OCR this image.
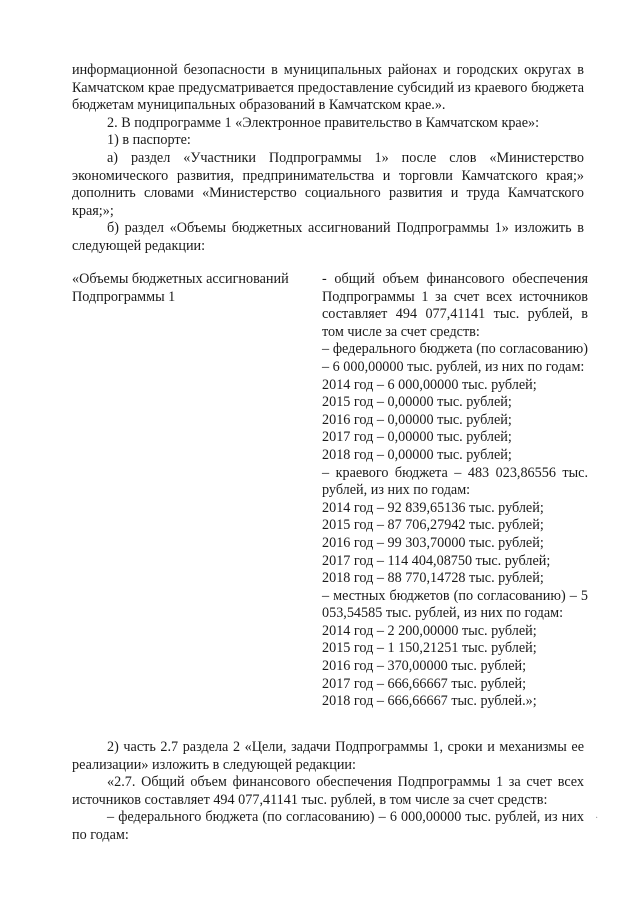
информационной безопасности в муниципальных районах и городских округах в Камчатском крае предусматривается предоставление субсидий из краевого бюджета бюджетам муниципальных образований в Камчатском крае.».

2. В подпрограмме 1 «Электронное правительство в Камчатском крае»:

1) в паспорте:

а) раздел «Участники Подпрограммы 1» после слов «Министерство экономического развития, предпринимательства и торговли Камчатского края;» дополнить словами «Министерство социального развития и труда Камчатского края;»;

б) раздел «Объемы бюджетных ассигнований Подпрограммы 1» изложить в следующей редакции:

«Объемы бюджетных ассигнований Подпрограммы 1

- общий объем финансового обеспечения Подпрограммы 1 за счет всех источников составляет 494 077,41141 тыс. рублей, в том числе за счет средств:

– федерального бюджета (по согласованию) – 6 000,00000 тыс. рублей, из них по годам:

2014 год – 6 000,00000 тыс. рублей;
2015 год – 0,00000 тыс. рублей;
2016 год – 0,00000 тыс. рублей;
2017 год – 0,00000 тыс. рублей;
2018 год – 0,00000 тыс. рублей;

– краевого бюджета – 483 023,86556 тыс. рублей, из них по годам:

2014 год – 92 839,65136 тыс. рублей;
2015 год – 87 706,27942 тыс. рублей;
2016 год – 99 303,70000 тыс. рублей;
2017 год – 114 404,08750 тыс. рублей;
2018 год – 88 770,14728 тыс. рублей;

– местных бюджетов (по согласованию) – 5 053,54585 тыс. рублей, из них по годам:

2014 год – 2 200,00000 тыс. рублей;
2015 год – 1 150,21251 тыс. рублей;
2016 год – 370,00000 тыс. рублей;
2017 год – 666,66667 тыс. рублей;
2018 год – 666,66667 тыс. рублей.»;

2) часть 2.7 раздела 2 «Цели, задачи Подпрограммы 1, сроки и механизмы ее реализации» изложить в следующей редакции:

«2.7. Общий объем финансового обеспечения Подпрограммы 1 за счет всех источников составляет 494 077,41141 тыс. рублей, в том числе за счет средств:

– федерального бюджета (по согласованию) – 6 000,00000 тыс. рублей, из них по годам:

·
